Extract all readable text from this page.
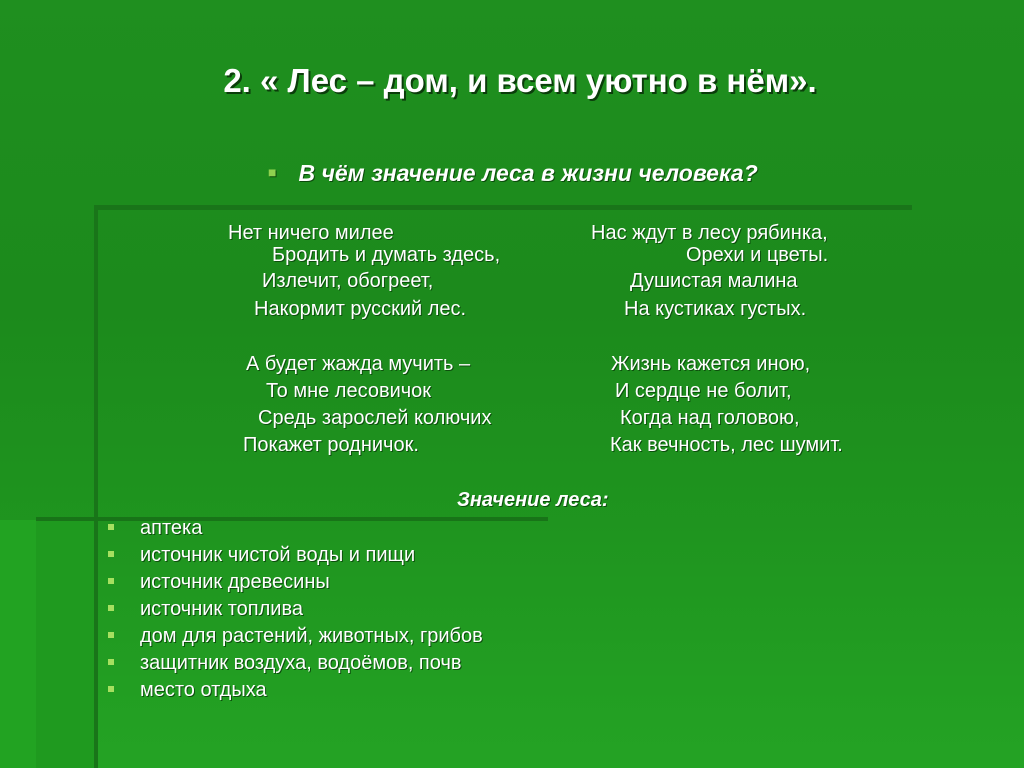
2. « Лес – дом, и всем уютно в нём».
■ В чём значение леса в жизни человека?
Нет ничего милее
Бродить и думать здесь,
Излечит, обогреет,
Накормит русский лес.
А будет жажда мучить –
То мне лесовичок
Средь зарослей колючих
Покажет родничок.
Нас ждут в лесу рябинка,
Орехи и цветы.
Душистая малина
На кустиках густых.
Жизнь кажется иною,
И сердце не болит,
Когда над головою,
Как вечность, лес шумит.
Значение леса:
аптека
источник чистой воды и пищи
источник древесины
источник топлива
дом для растений, животных, грибов
защитник воздуха, водоёмов, почв
место отдыха
